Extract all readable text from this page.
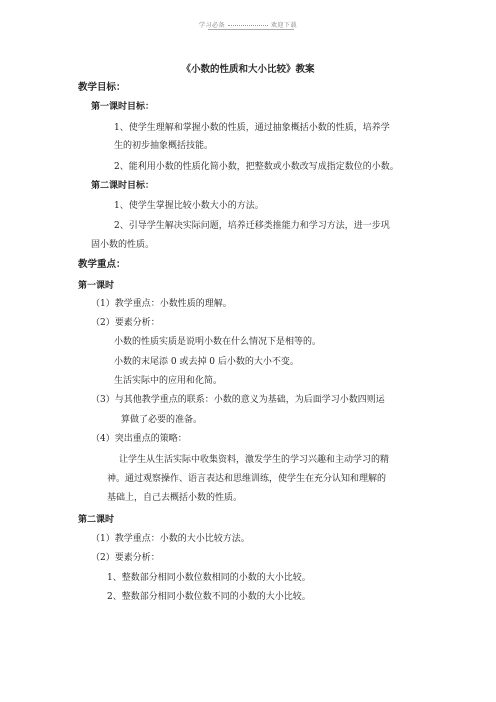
学习必备	欢迎下载
《小数的性质和大小比较》教案
教学目标：
第一课时目标：
1、使学生理解和掌握小数的性质，通过抽象概括小数的性质，培养学
生的初步抽象概括技能。
2、能利用小数的性质化简小数，把整数或小数改写成指定数位的小数。
第二课时目标：
1、使学生掌握比较小数大小的方法。
2、引导学生解决实际问题，培养迁移类推能力和学习方法，进一步巩
固小数的性质。
教学重点：
第一课时
（1）教学重点：小数性质的理解。
（2）要素分析：
小数的性质实质是说明小数在什么情况下是相等的。
小数的末尾添 0 或去掉 0 后小数的大小不变。
生活实际中的应用和化简。
（3）与其他教学重点的联系：小数的意义为基础，为后面学习小数四则运
算做了必要的准备。
（4）突出重点的策略：
让学生从生活实际中收集资料，激发学生的学习兴趣和主动学习的精
神。通过观察操作、语言表达和思维训练，使学生在充分认知和理解的
基础上，自己去概括小数的性质。
第二课时
（1）教学重点：小数的大小比较方法。
（2）要素分析：
1、整数部分相同小数位数相同的小数的大小比较。
2、整数部分相同小数位数不同的小数的大小比较。
